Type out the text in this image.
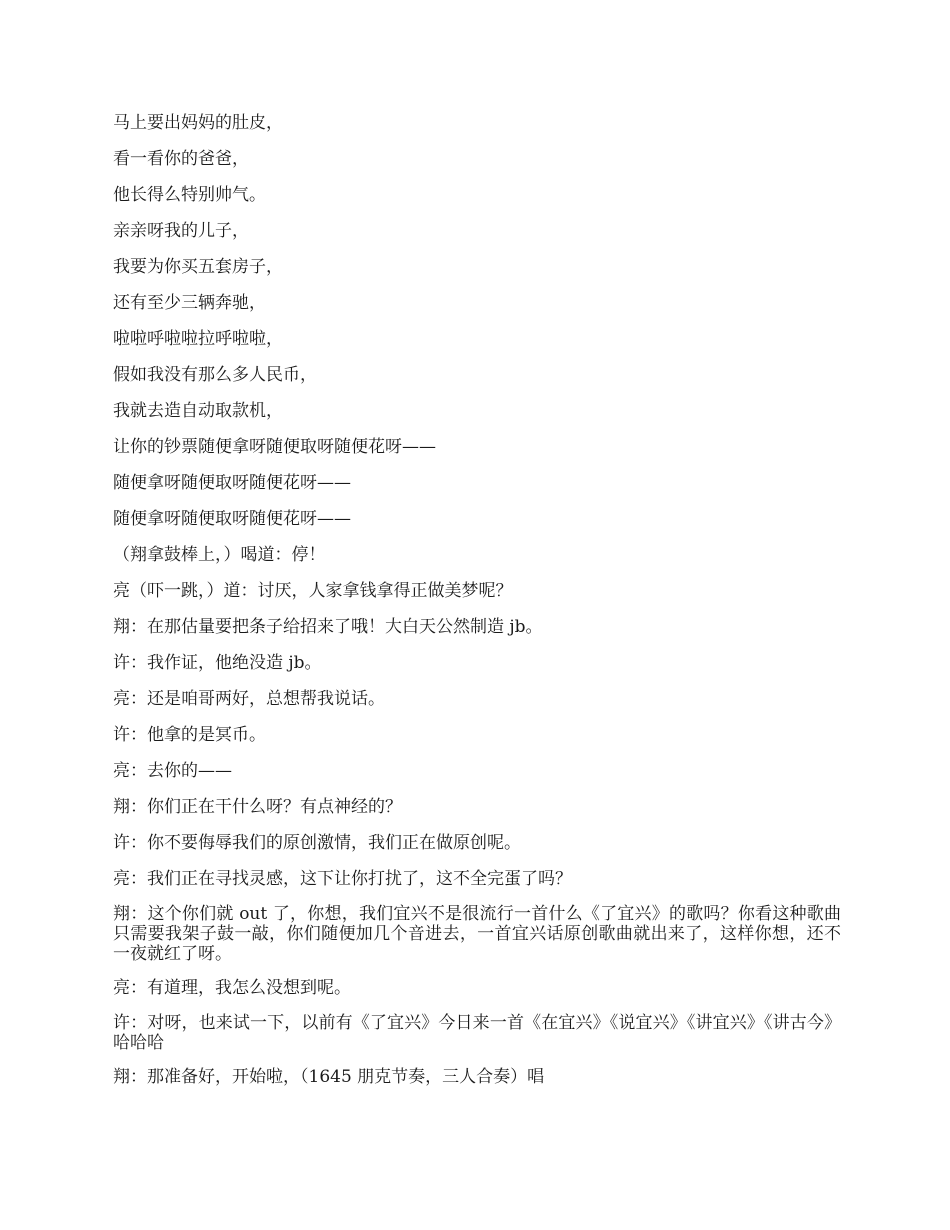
马上要出妈妈的肚皮，

看一看你的爸爸，

他长得么特别帅气。

亲亲呀我的儿子，

我要为你买五套房子，

还有至少三辆奔驰，

啦啦呼啦啦拉呼啦啦，

假如我没有那么多人民币，

我就去造自动取款机，

让你的钞票随便拿呀随便取呀随便花呀——

随便拿呀随便取呀随便花呀——

随便拿呀随便取呀随便花呀——

（翔拿鼓棒上，）喝道：停！

亮（吓一跳，）道：讨厌，人家拿钱拿得正做美梦呢？

翔：在那估量要把条子给招来了哦！大白天公然制造 jb。

许：我作证，他绝没造 jb。

亮：还是咱哥两好，总想帮我说话。

许：他拿的是冥币。

亮：去你的——

翔：你们正在干什么呀？有点神经的？

许：你不要侮辱我们的原创激情，我们正在做原创呢。

亮：我们正在寻找灵感，这下让你打扰了，这不全完蛋了吗？

翔：这个你们就 out 了，你想，我们宜兴不是很流行一首什么《了宜兴》的歌吗？你看这种歌曲只需要我架子鼓一敲，你们随便加几个音进去，一首宜兴话原创歌曲就出来了，这样你想，还不一夜就红了呀。

亮：有道理，我怎么没想到呢。

许：对呀，也来试一下，以前有《了宜兴》今日来一首《在宜兴》《说宜兴》《讲宜兴》《讲古今》哈哈哈

翔：那准备好，开始啦，（1645 朋克节奏，三人合奏）唱
